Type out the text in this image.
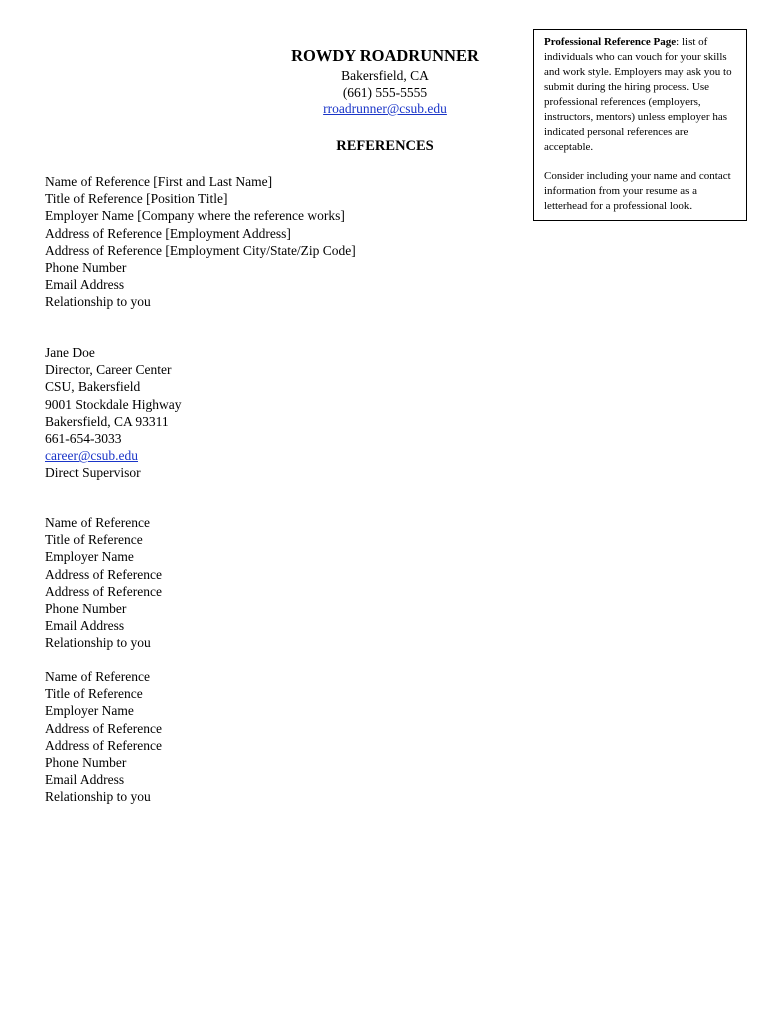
ROWDY ROADRUNNER
Bakersfield, CA
(661) 555-5555
rroadrunner@csub.edu
REFERENCES
Name of Reference [First and Last Name]
Title of Reference [Position Title]
Employer Name [Company where the reference works]
Address of Reference [Employment Address]
Address of Reference [Employment City/State/Zip Code]
Phone Number
Email Address
Relationship to you
Jane Doe
Director, Career Center
CSU, Bakersfield
9001 Stockdale Highway
Bakersfield, CA 93311
661-654-3033
career@csub.edu
Direct Supervisor
Name of Reference
Title of Reference
Employer Name
Address of Reference
Address of Reference
Phone Number
Email Address
Relationship to you
Name of Reference
Title of Reference
Employer Name
Address of Reference
Address of Reference
Phone Number
Email Address
Relationship to you

Professional Reference Page: list of individuals who can vouch for your skills and work style. Employers may ask you to submit during the hiring process. Use professional references (employers, instructors, mentors) unless employer has indicated personal references are acceptable.

Consider including your name and contact information from your resume as a letterhead for a professional look.
